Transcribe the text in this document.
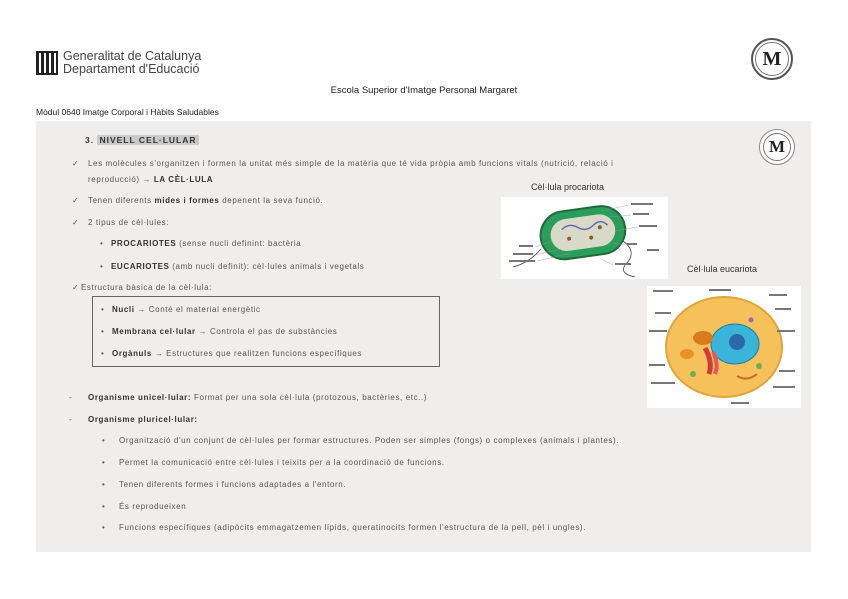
Generalitat de Catalunya
Departament d'Educació	M
Escola Superior d'Imatge Personal Margaret
Mòdul 0640 Imatge Corporal i Hàbits Saludables
3. NIVELL CEL·LULAR	M
✓ Les molècules s'organitzen i formen la unitat més simple de la matèria que té vida pròpia amb funcions vitals (nutrició, relació i
reproducció) → LA CÈL·LULA
✓ Tenen diferents mides i formes depenent la seva funció.
✓ 2 tipus de cèl·lules:
• PROCARIOTES (sense nucli definint: bactèria
• EUCARIOTES (amb nucli definit): cèl·lules animals i vegetals
✓ Estructura bàsica de la cèl·lula:
• Nucli → Conté el material energètic
• Membrana cel·lular → Controla el pas de substàncies
• Orgànuls → Estructures que realitzen funcions específiques
- Organisme unicel·lular: Format per una sola cèl·lula (protozous, bactèries, etc..)
- Organisme pluricel·lular:
• Organització d'un conjunt de cèl·lules per formar estructures. Poden ser simples (fongs) o complexes (animals i plantes).
• Permet la comunicació entre cèl·lules i teixits per a la coordinació de funcions.
• Tenen diferents formes i funcions adaptades a l'entorn.
• És reprodueixen
• Funcions específiques (adipòcits emmagatzemen lípids, queratinocits formen l'estructura de la pell, pèl i ungles).
Cèl·lula procariota
Cèl·lula eucariota
